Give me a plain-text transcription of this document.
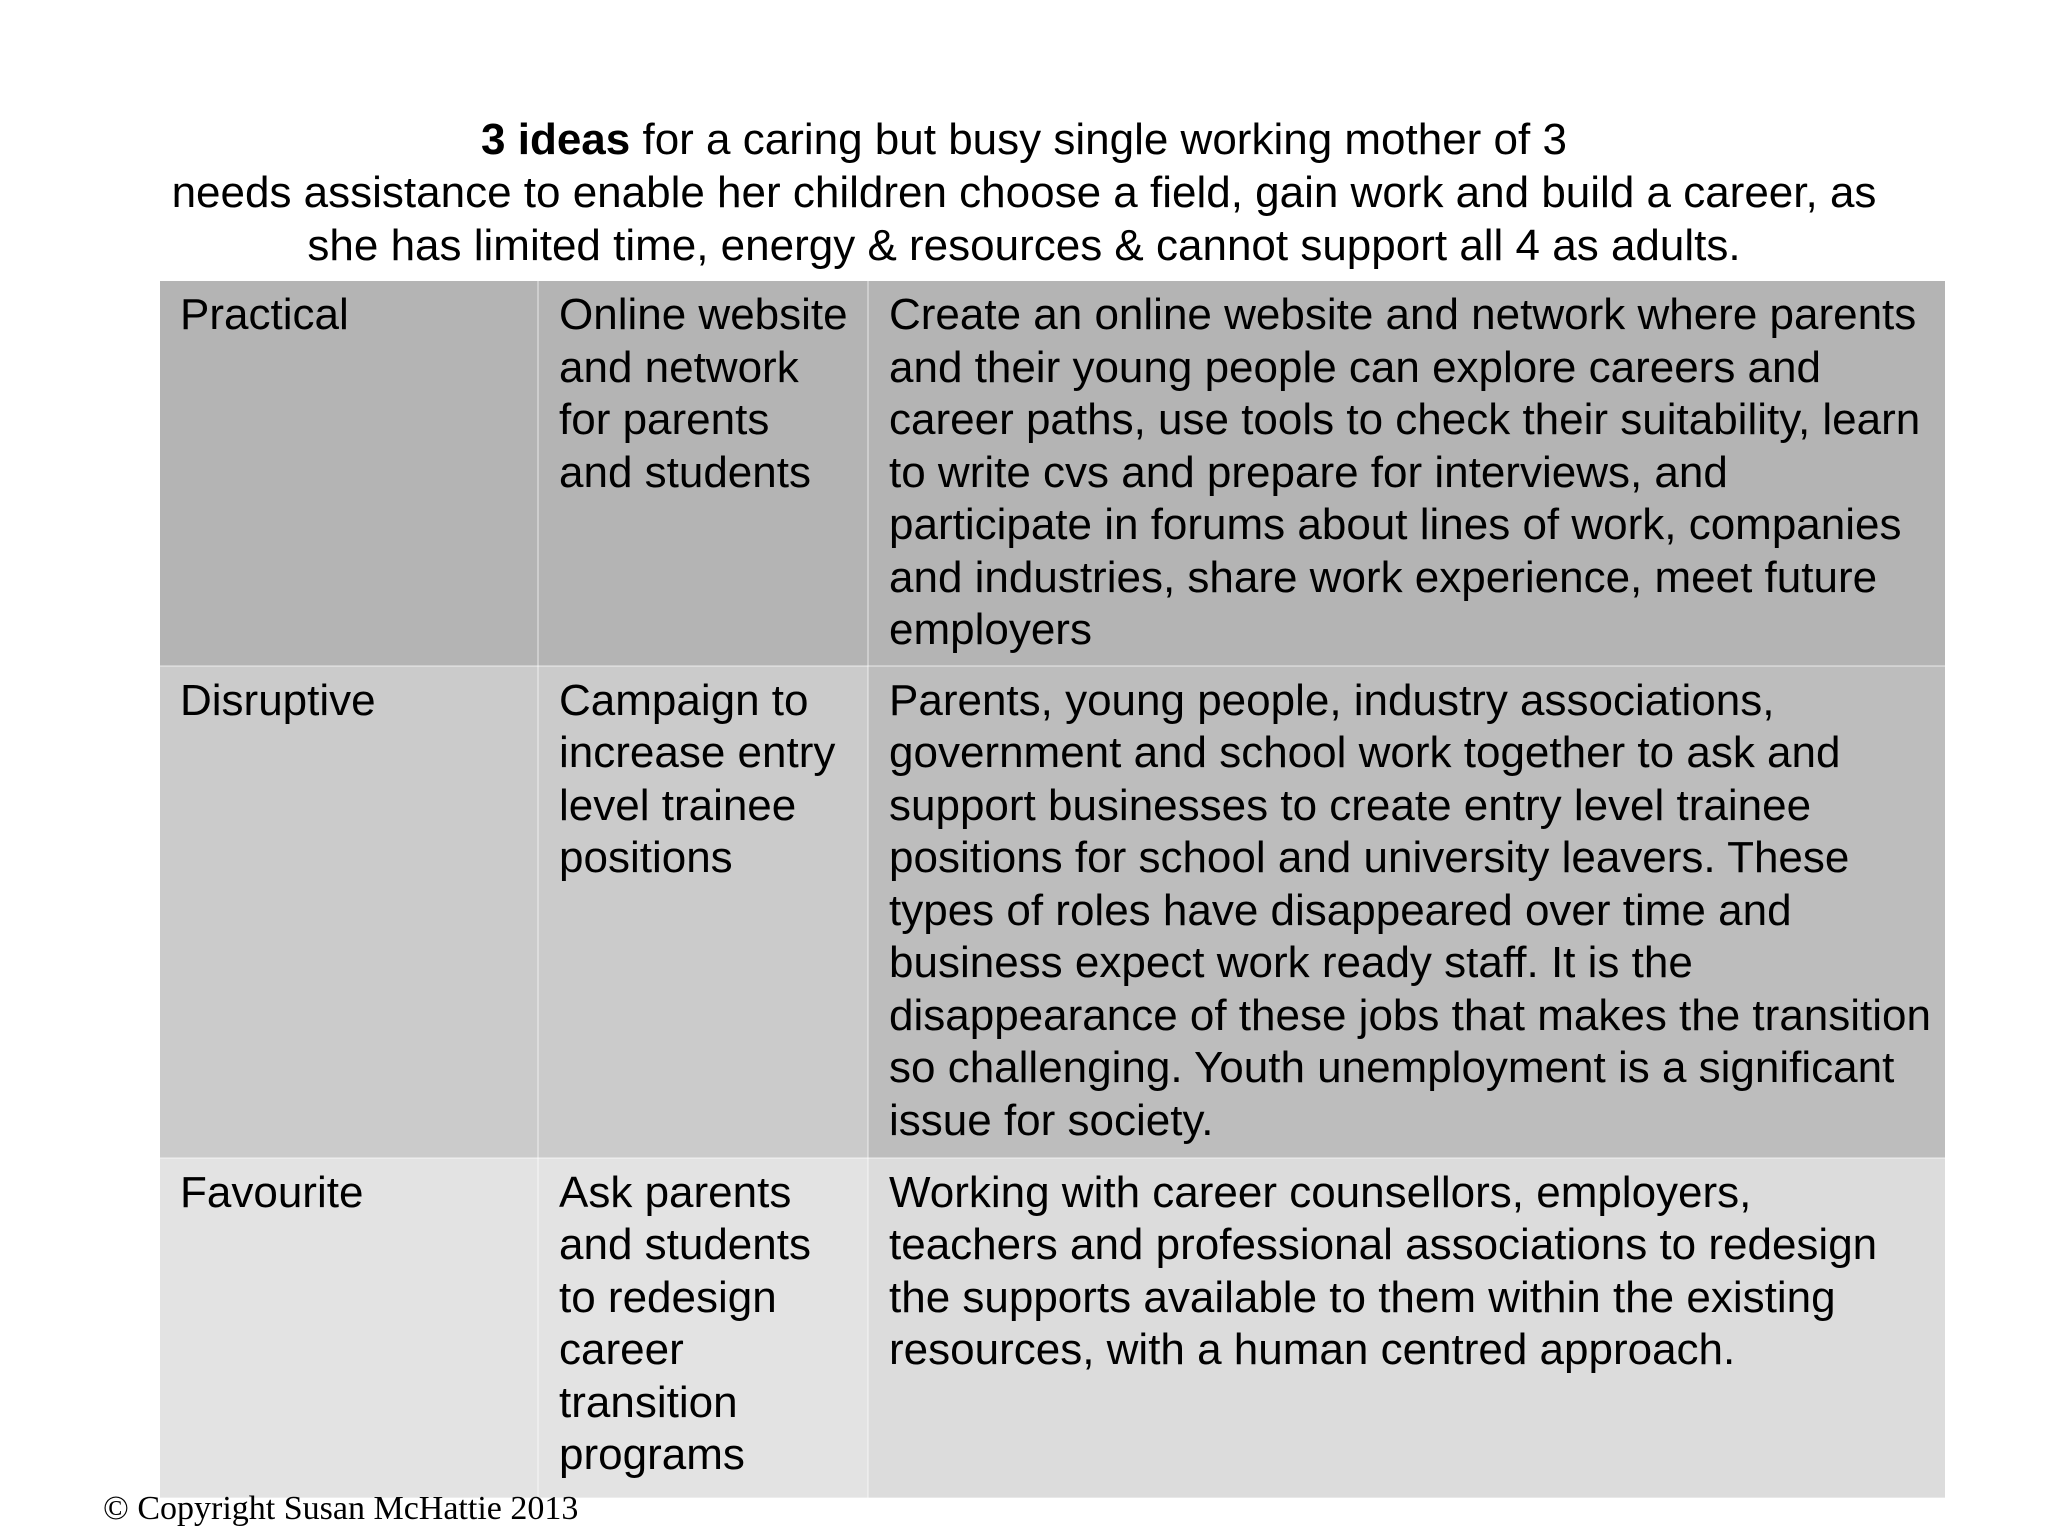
3 ideas for a caring but busy single working mother of 3
needs assistance to enable her children choose a field, gain work and build a career, as
she has limited time, energy & resources & cannot support all 4 as adults.
Practical	Online website and network for parents and students	Create an online website and network where parents and their young people can explore careers and career paths, use tools to check their suitability, learn to write cvs and prepare for interviews, and participate in forums about lines of work, companies and industries, share work experience, meet future employers
Disruptive	Campaign to increase entry level trainee positions	Parents, young people, industry associations, government and school work together to ask and support businesses to create entry level trainee positions for school and university leavers. These types of roles have disappeared over time and business expect work ready staff. It is the disappearance of these jobs that makes the transition so challenging. Youth unemployment is a significant issue for society.
Favourite	Ask parents and students to redesign career transition programs	Working with career counsellors, employers, teachers and professional associations to redesign the supports available to them within the existing resources, with a human centred approach.
© Copyright Susan McHattie 2013
